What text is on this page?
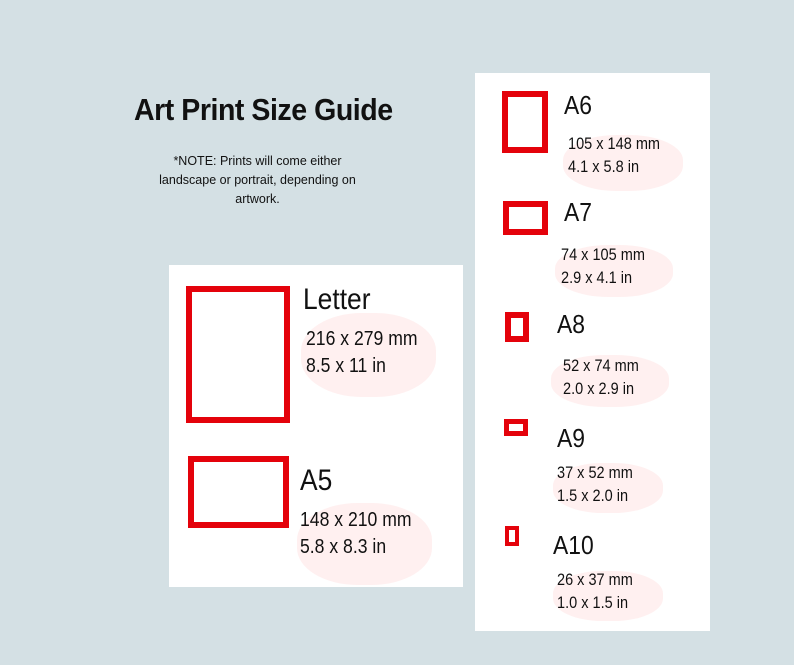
Art Print Size Guide
*NOTE: Prints will come either landscape or portrait, depending on artwork.
Letter
216 x 279 mm
8.5 x 11 in
A5
148 x 210 mm
5.8 x 8.3 in
A6
105 x 148 mm
4.1 x 5.8 in
A7
74 x 105 mm
2.9 x 4.1 in
A8
52 x 74 mm
2.0 x 2.9 in
A9
37 x 52 mm
1.5 x 2.0 in
A10
26 x 37 mm
1.0 x 1.5 in
